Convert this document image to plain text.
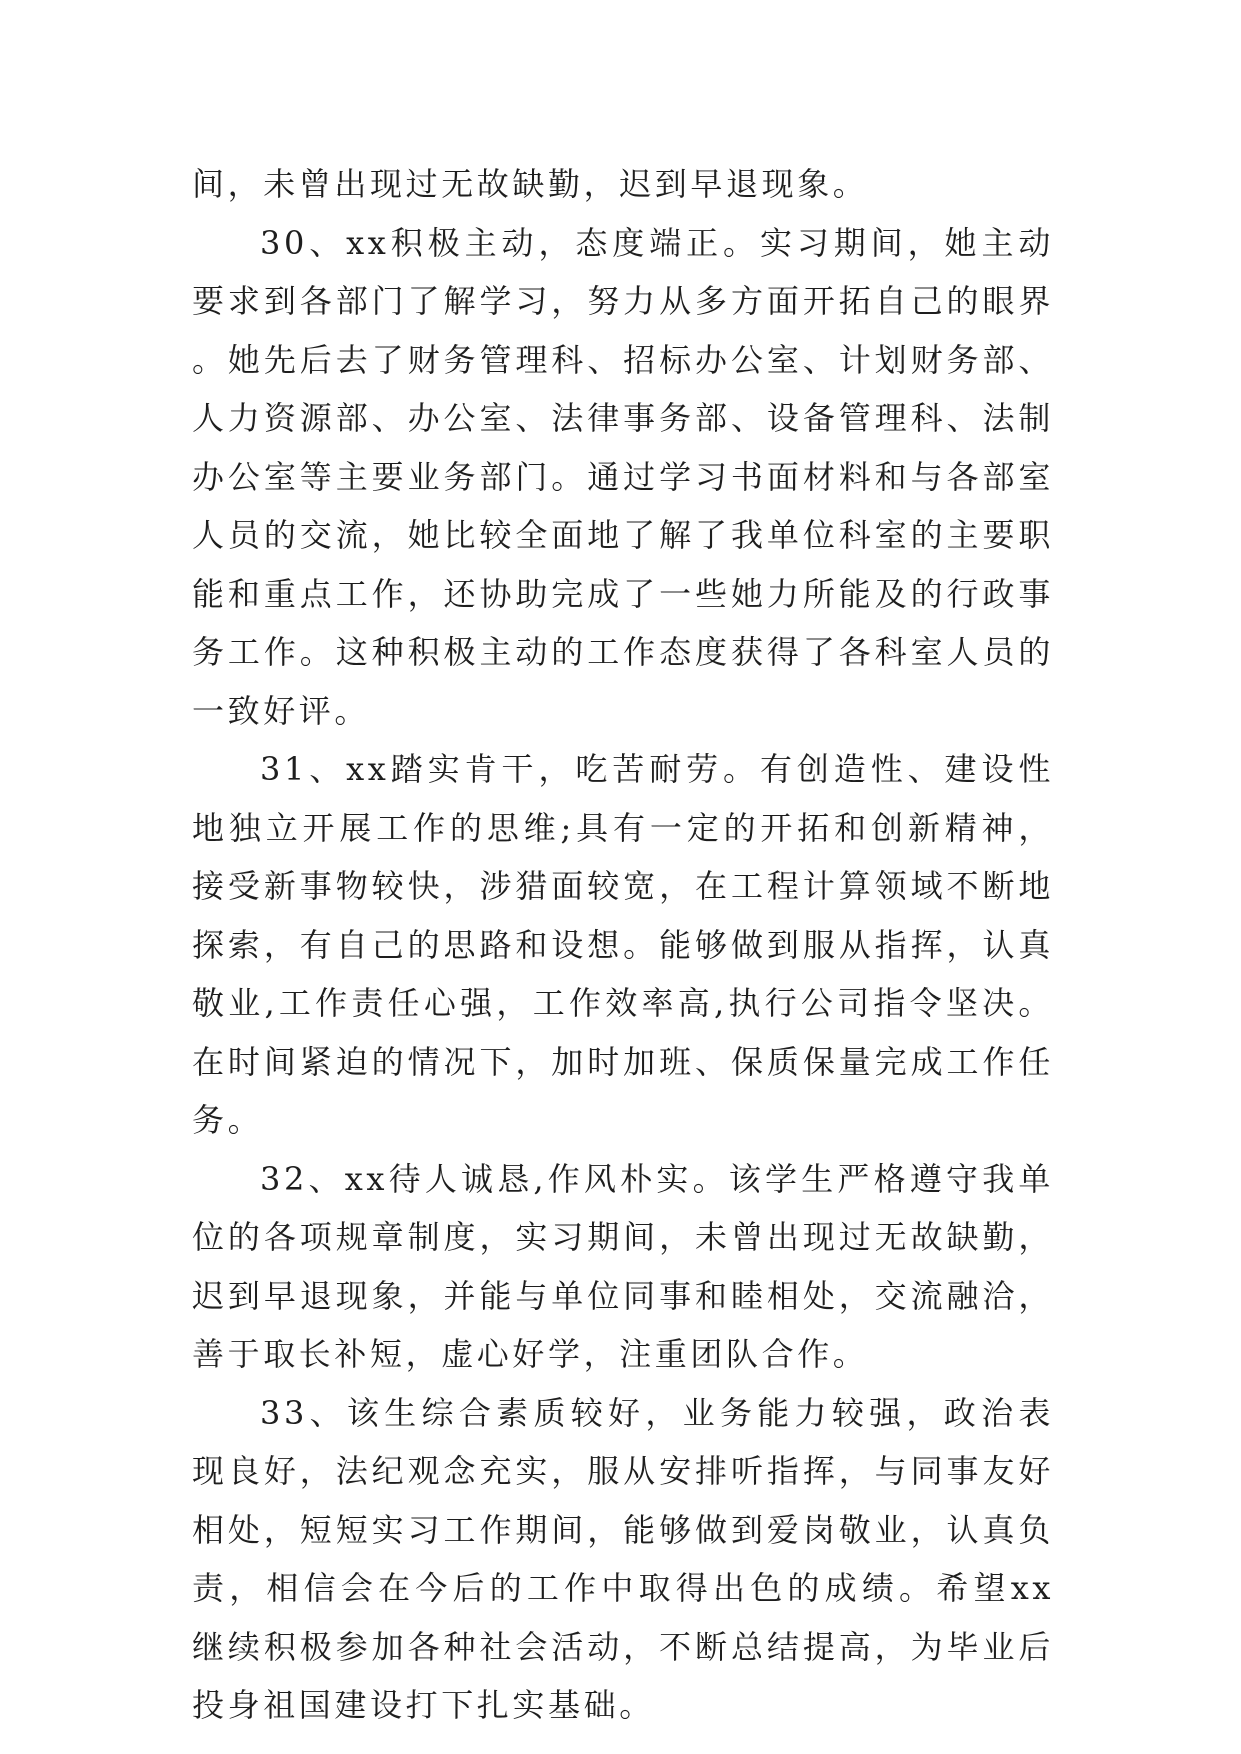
间，未曾出现过无故缺勤，迟到早退现象。

30、xx积极主动，态度端正。实习期间，她主动要求到各部门了解学习，努力从多方面开拓自己的眼界。她先后去了财务管理科、招标办公室、计划财务部、人力资源部、办公室、法律事务部、设备管理科、法制办公室等主要业务部门。通过学习书面材料和与各部室人员的交流，她比较全面地了解了我单位科室的主要职能和重点工作，还协助完成了一些她力所能及的行政事务工作。这种积极主动的工作态度获得了各科室人员的一致好评。

31、xx踏实肯干，吃苦耐劳。有创造性、建设性地独立开展工作的思维;具有一定的开拓和创新精神，接受新事物较快，涉猎面较宽，在工程计算领域不断地探索，有自己的思路和设想。能够做到服从指挥，认真敬业,工作责任心强，工作效率高,执行公司指令坚决。在时间紧迫的情况下，加时加班、保质保量完成工作任务。

32、xx待人诚恳,作风朴实。该学生严格遵守我单位的各项规章制度，实习期间，未曾出现过无故缺勤，迟到早退现象，并能与单位同事和睦相处，交流融洽，善于取长补短，虚心好学，注重团队合作。

33、该生综合素质较好，业务能力较强，政治表现良好，法纪观念充实，服从安排听指挥，与同事友好相处，短短实习工作期间，能够做到爱岗敬业，认真负责，相信会在今后的工作中取得出色的成绩。希望xx继续积极参加各种社会活动，不断总结提高，为毕业后投身祖国建设打下扎实基础。
